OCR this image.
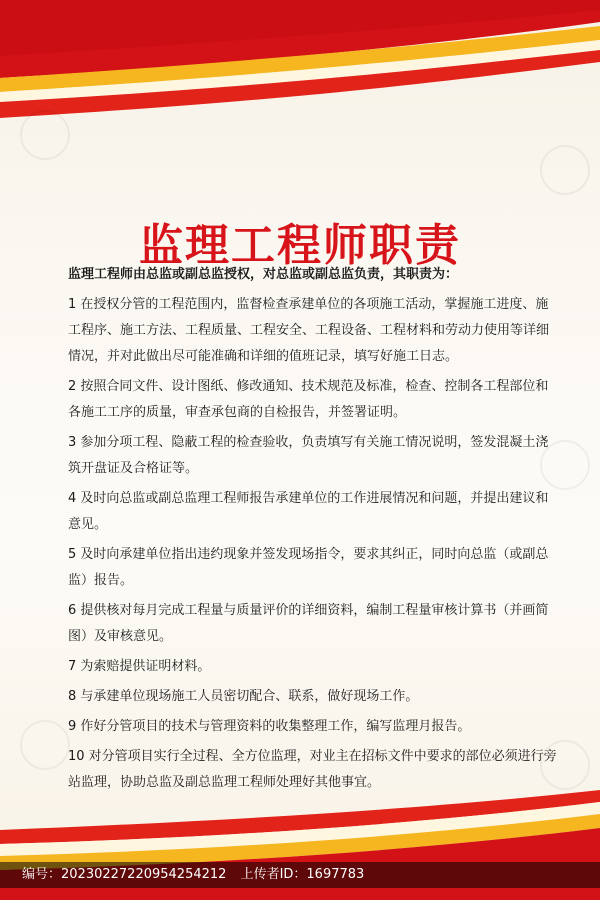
监理工程师职责
监理工程师由总监或副总监授权，对总监或副总监负责，其职责为：
1 在授权分管的工程范围内，监督检查承建单位的各项施工活动，掌握施工进度、施工程序、施工方法、工程质量、工程安全、工程设备、工程材料和劳动力使用等详细情况，并对此做出尽可能准确和详细的值班记录，填写好施工日志。
2 按照合同文件、设计图纸、修改通知、技术规范及标准，检查、控制各工程部位和各施工工序的质量，审查承包商的自检报告，并签署证明。
3 参加分项工程、隐蔽工程的检查验收，负责填写有关施工情况说明，签发混凝土浇筑开盘证及合格证等。
4 及时向总监或副总监理工程师报告承建单位的工作进展情况和问题，并提出建议和意见。
5 及时向承建单位指出违约现象并签发现场指令，要求其纠正，同时向总监（或副总监）报告。
6 提供核对每月完成工程量与质量评价的详细资料，编制工程量审核计算书（并画简图）及审核意见。
7 为索赔提供证明材料。
8 与承建单位现场施工人员密切配合、联系，做好现场工作。
9 作好分管项目的技术与管理资料的收集整理工作，编写监理月报告。
10 对分管项目实行全过程、全方位监理，对业主在招标文件中要求的部位必须进行旁站监理，协助总监及副总监理工程师处理好其他事宜。
编号：20230227220954254212 上传者ID：1697783
